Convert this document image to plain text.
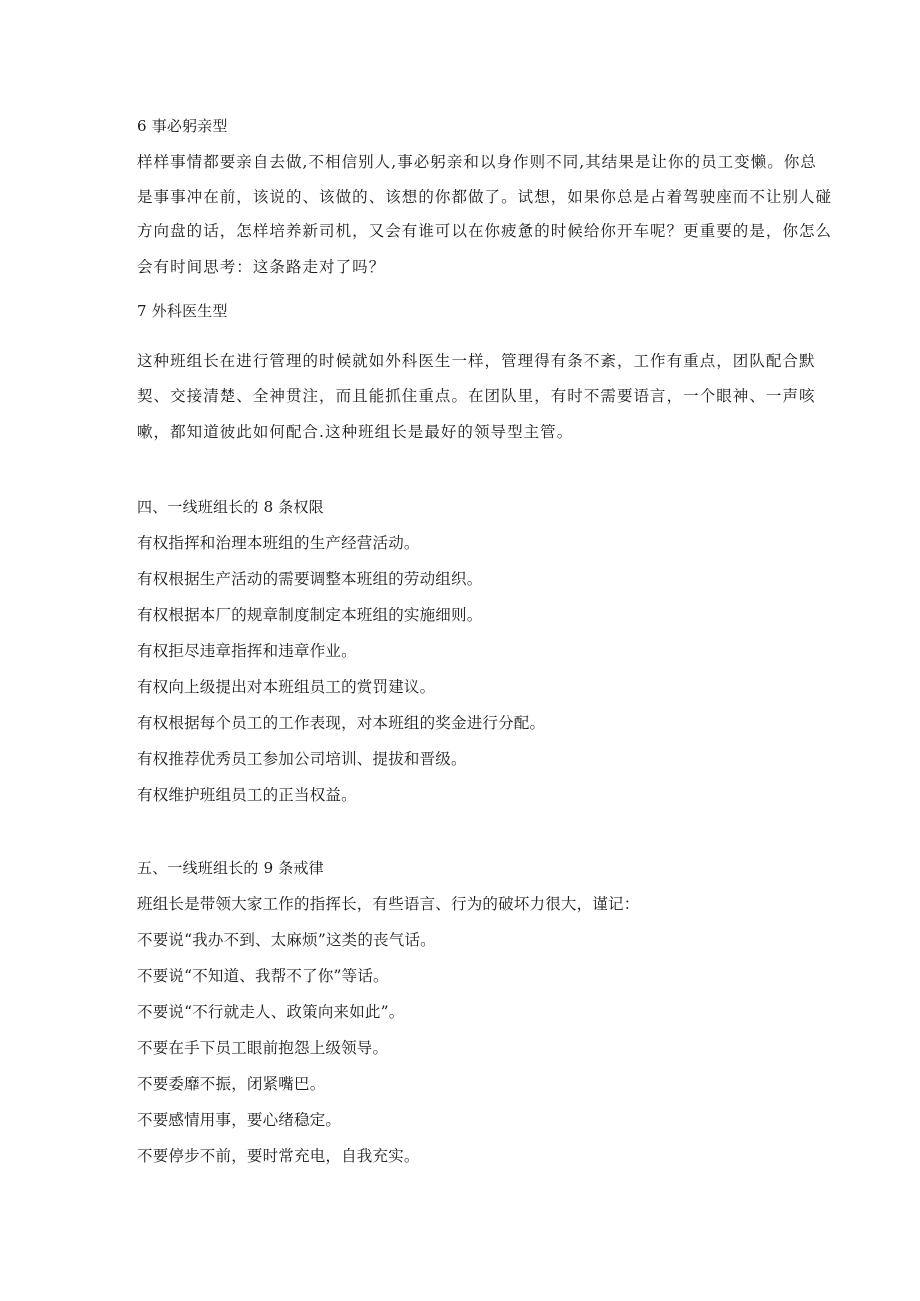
6 事必躬亲型
样样事情都要亲自去做,不相信别人,事必躬亲和以身作则不同,其结果是让你的员工变懒。你总
是事事冲在前，该说的、该做的、该想的你都做了。试想，如果你总是占着驾驶座而不让别人碰
方向盘的话，怎样培养新司机，又会有谁可以在你疲惫的时候给你开车呢？更重要的是，你怎么
会有时间思考：这条路走对了吗？
7 外科医生型
这种班组长在进行管理的时候就如外科医生一样，管理得有条不紊，工作有重点，团队配合默
契、交接清楚、全神贯注，而且能抓住重点。在团队里，有时不需要语言，一个眼神、一声咳
嗽，都知道彼此如何配合.这种班组长是最好的领导型主管。
四、一线班组长的 8 条权限
有权指挥和治理本班组的生产经营活动。
有权根据生产活动的需要调整本班组的劳动组织。
有权根据本厂的规章制度制定本班组的实施细则。
有权拒尽违章指挥和违章作业。
有权向上级提出对本班组员工的赏罚建议。
有权根据每个员工的工作表现，对本班组的奖金进行分配。
有权推荐优秀员工参加公司培训、提拔和晋级。
有权维护班组员工的正当权益。
五、一线班组长的 9 条戒律
班组长是带领大家工作的指挥长，有些语言、行为的破坏力很大，谨记：
不要说“我办不到、太麻烦”这类的丧气话。
不要说“不知道、我帮不了你”等话。
不要说“不行就走人、政策向来如此”。
不要在手下员工眼前抱怨上级领导。
不要委靡不振，闭紧嘴巴。
不要感情用事，要心绪稳定。
不要停步不前，要时常充电，自我充实。
